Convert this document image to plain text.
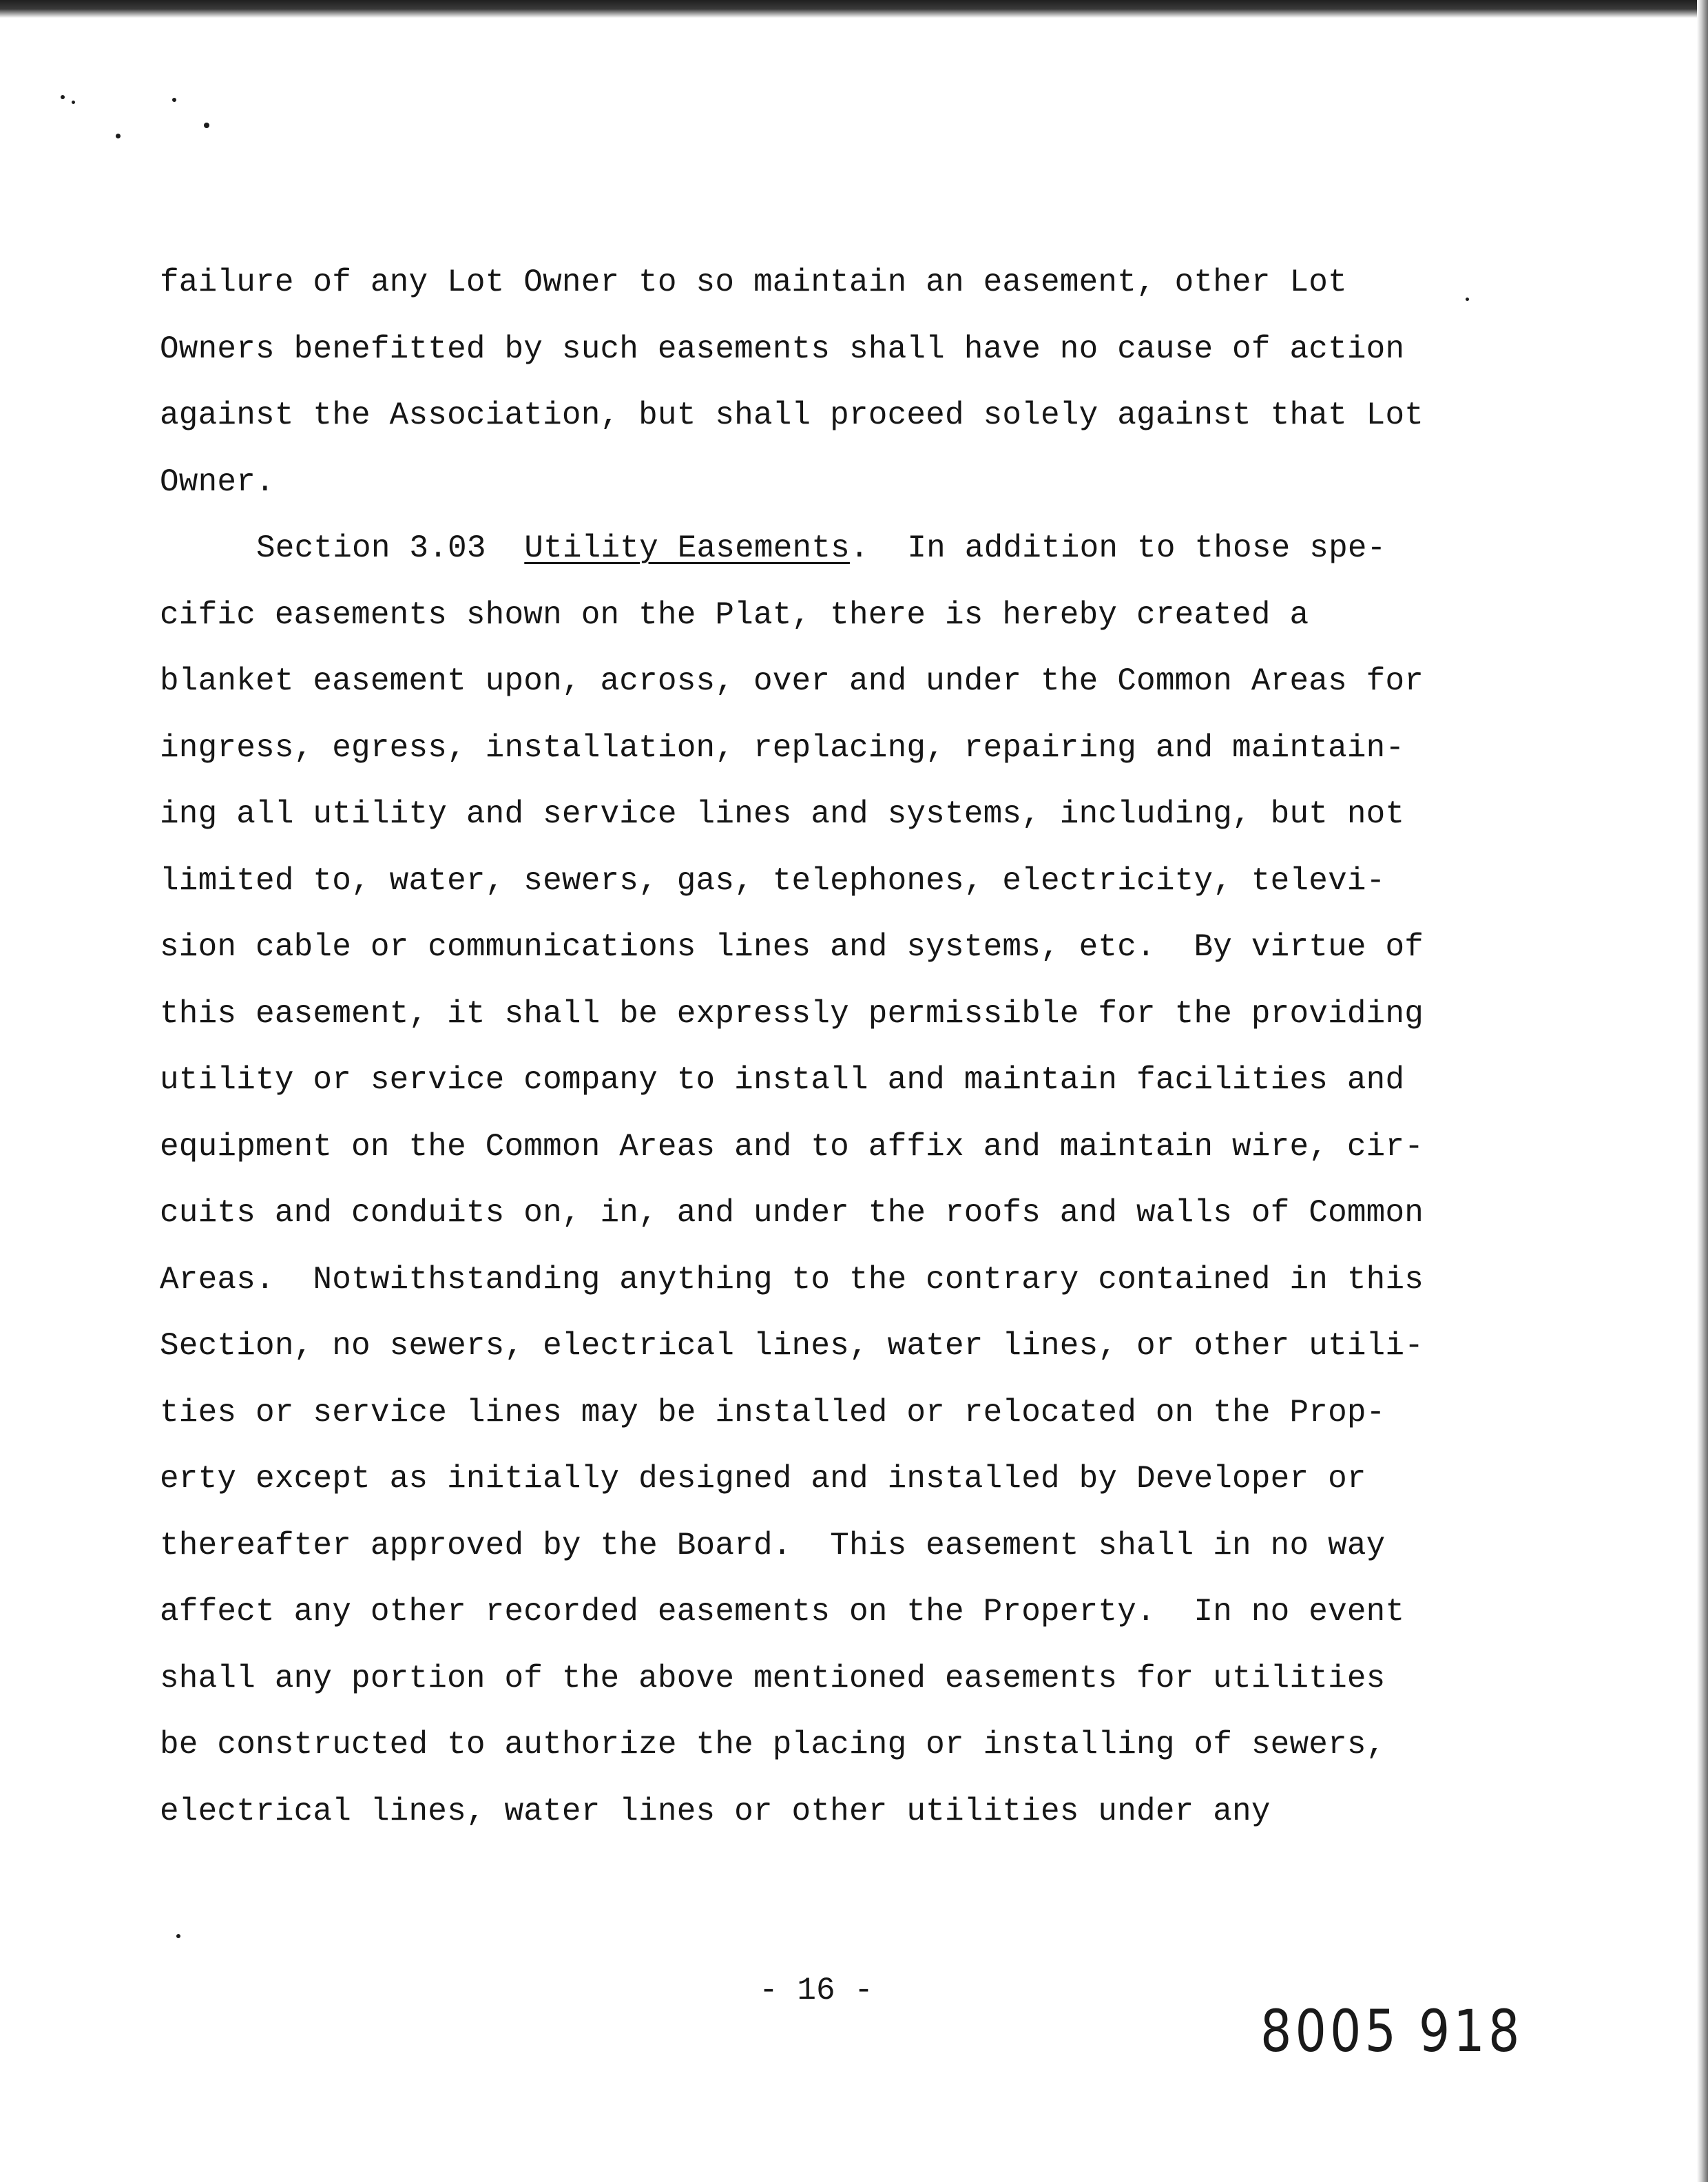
failure of any Lot Owner to so maintain an easement, other Lot
Owners benefitted by such easements shall have no cause of action
against the Association, but shall proceed solely against that Lot
Owner.
Section 3.03 Utility Easements. In addition to those spe-
cific easements shown on the Plat, there is hereby created a
blanket easement upon, across, over and under the Common Areas for
ingress, egress, installation, replacing, repairing and maintain-
ing all utility and service lines and systems, including, but not
limited to, water, sewers, gas, telephones, electricity, televi-
sion cable or communications lines and systems, etc.  By virtue of
this easement, it shall be expressly permissible for the providing
utility or service company to install and maintain facilities and
equipment on the Common Areas and to affix and maintain wire, cir-
cuits and conduits on, in, and under the roofs and walls of Common
Areas.  Notwithstanding anything to the contrary contained in this
Section, no sewers, electrical lines, water lines, or other utili-
ties or service lines may be installed or relocated on the Prop-
erty except as initially designed and installed by Developer or
thereafter approved by the Board.  This easement shall in no way
affect any other recorded easements on the Property.  In no event
shall any portion of the above mentioned easements for utilities
be constructed to authorize the placing or installing of sewers,
electrical lines, water lines or other utilities under any
- 16 -
8005 918
